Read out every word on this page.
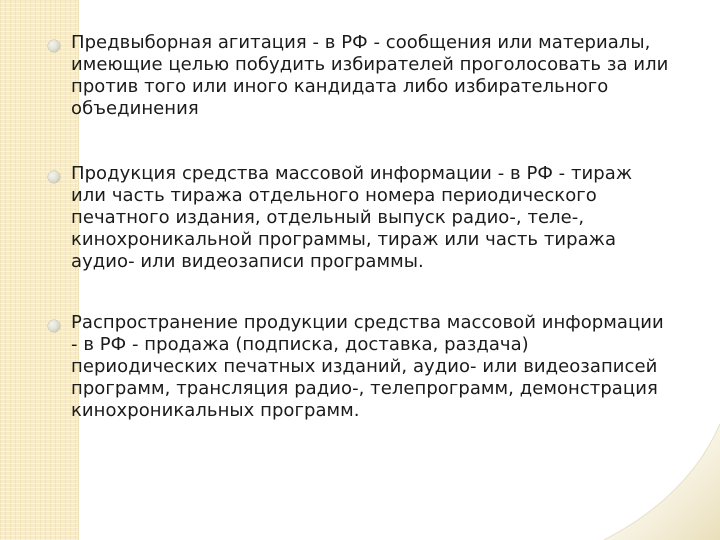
Предвыборная агитация - в РФ - сообщения или материалы, имеющие целью побудить избирателей проголосовать за или против того или иного кандидата либо избирательного объединения

Продукция средства массовой информации - в РФ - тираж или часть тиража отдельного номера периодического печатного издания, отдельный выпуск радио-, теле-, кинохроникальной программы, тираж или часть тиража аудио- или видеозаписи программы.

Распространение продукции средства массовой информации - в РФ - продажа (подписка, доставка, раздача) периодических печатных изданий, аудио- или видеозаписей программ, трансляция радио-, телепрограмм, демонстрация кинохроникальных программ.
